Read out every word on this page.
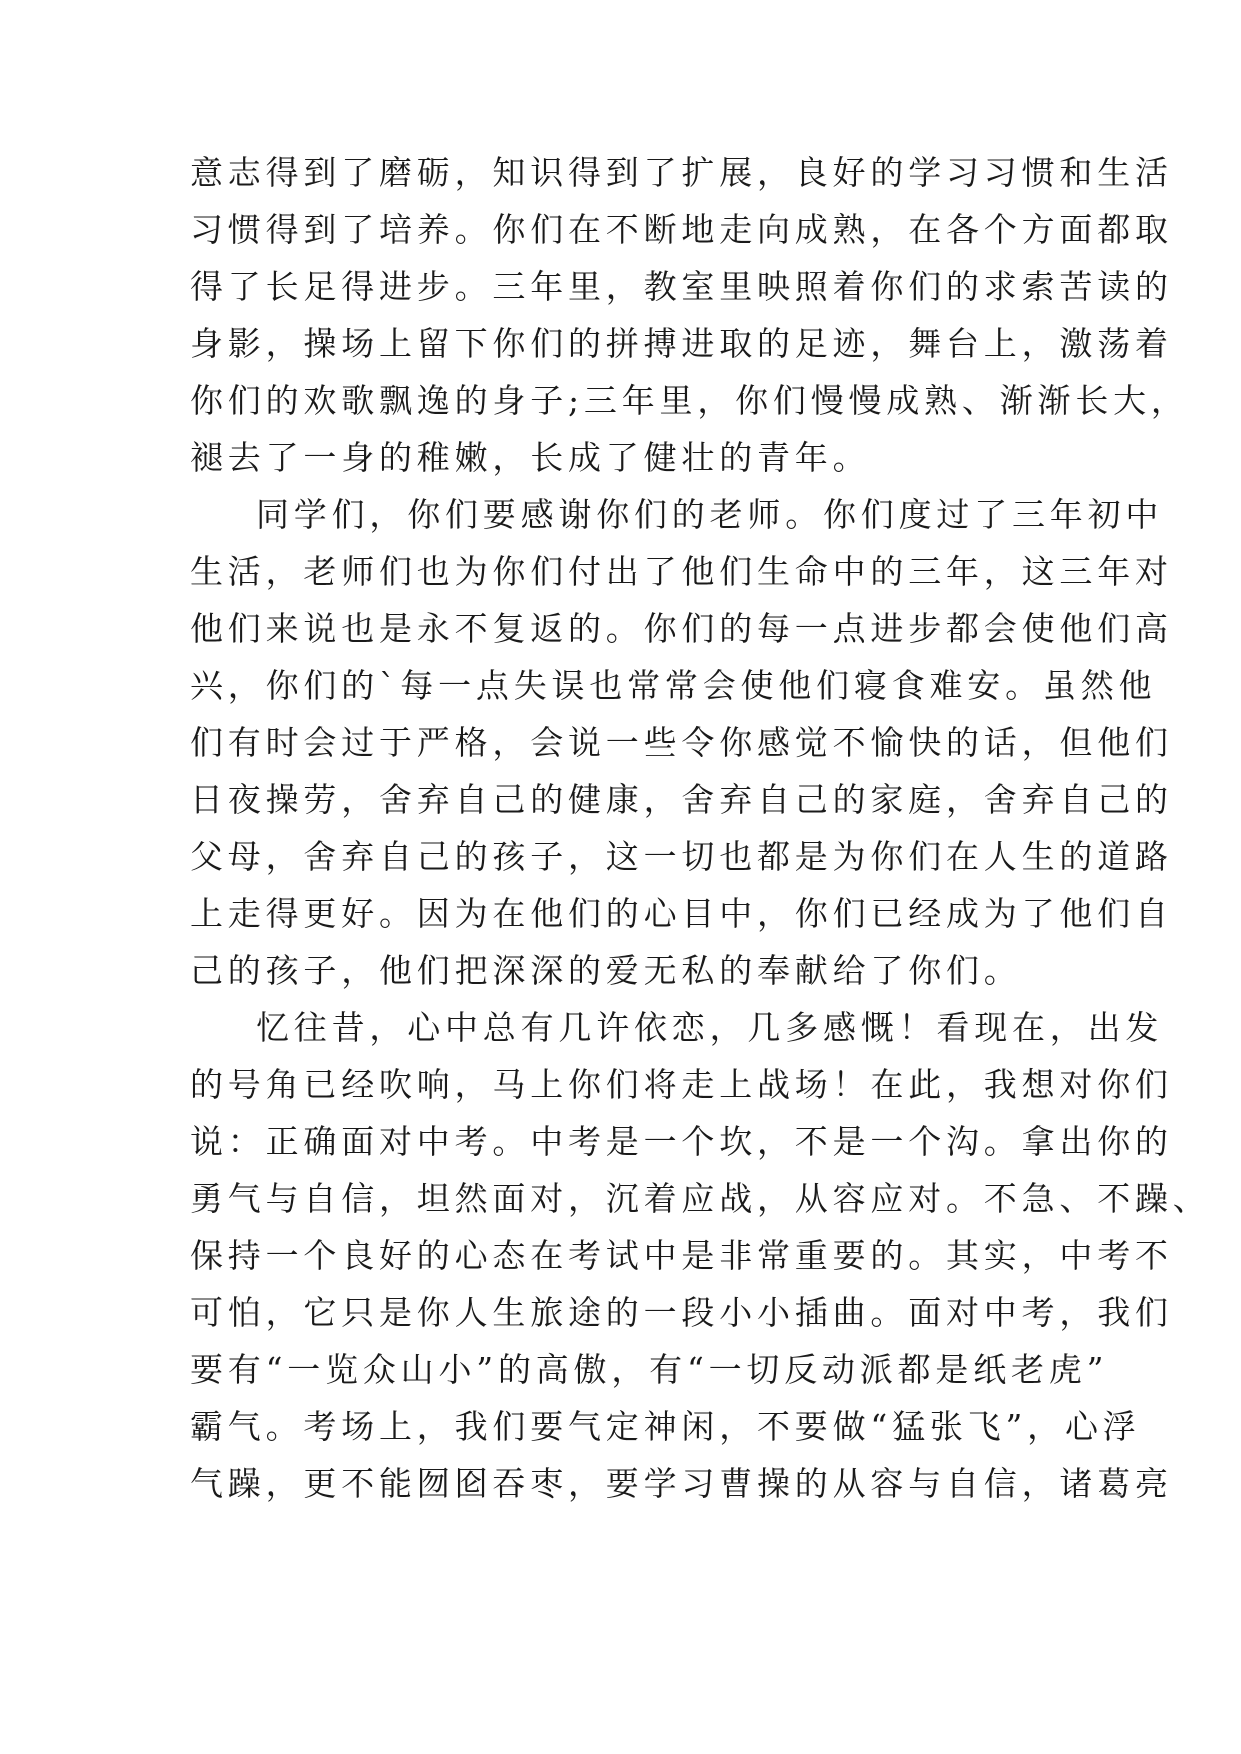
意志得到了磨砺，知识得到了扩展，良好的学习习惯和生活
习惯得到了培养。你们在不断地走向成熟，在各个方面都取
得了长足得进步。三年里，教室里映照着你们的求索苦读的
身影，操场上留下你们的拼搏进取的足迹，舞台上，激荡着
你们的欢歌飘逸的身子;三年里，你们慢慢成熟、渐渐长大，
褪去了一身的稚嫩，长成了健壮的青年。
同学们，你们要感谢你们的老师。你们度过了三年初中
生活，老师们也为你们付出了他们生命中的三年，这三年对
他们来说也是永不复返的。你们的每一点进步都会使他们高
兴，你们的`每一点失误也常常会使他们寝食难安。虽然他
们有时会过于严格，会说一些令你感觉不愉快的话，但他们
日夜操劳，舍弃自己的健康，舍弃自己的家庭，舍弃自己的
父母，舍弃自己的孩子，这一切也都是为你们在人生的道路
上走得更好。因为在他们的心目中，你们已经成为了他们自
己的孩子，他们把深深的爱无私的奉献给了你们。
忆往昔，心中总有几许依恋，几多感慨！看现在，出发
的号角已经吹响，马上你们将走上战场！在此，我想对你们
说：正确面对中考。中考是一个坎，不是一个沟。拿出你的
勇气与自信，坦然面对，沉着应战，从容应对。不急、不躁、
保持一个良好的心态在考试中是非常重要的。其实，中考不
可怕，它只是你人生旅途的一段小小插曲。面对中考，我们
要有“一览众山小”的高傲，有“一切反动派都是纸老虎”
霸气。考场上，我们要气定神闲，不要做“猛张飞”，心浮
气躁，更不能囫囵吞枣，要学习曹操的从容与自信，诸葛亮
